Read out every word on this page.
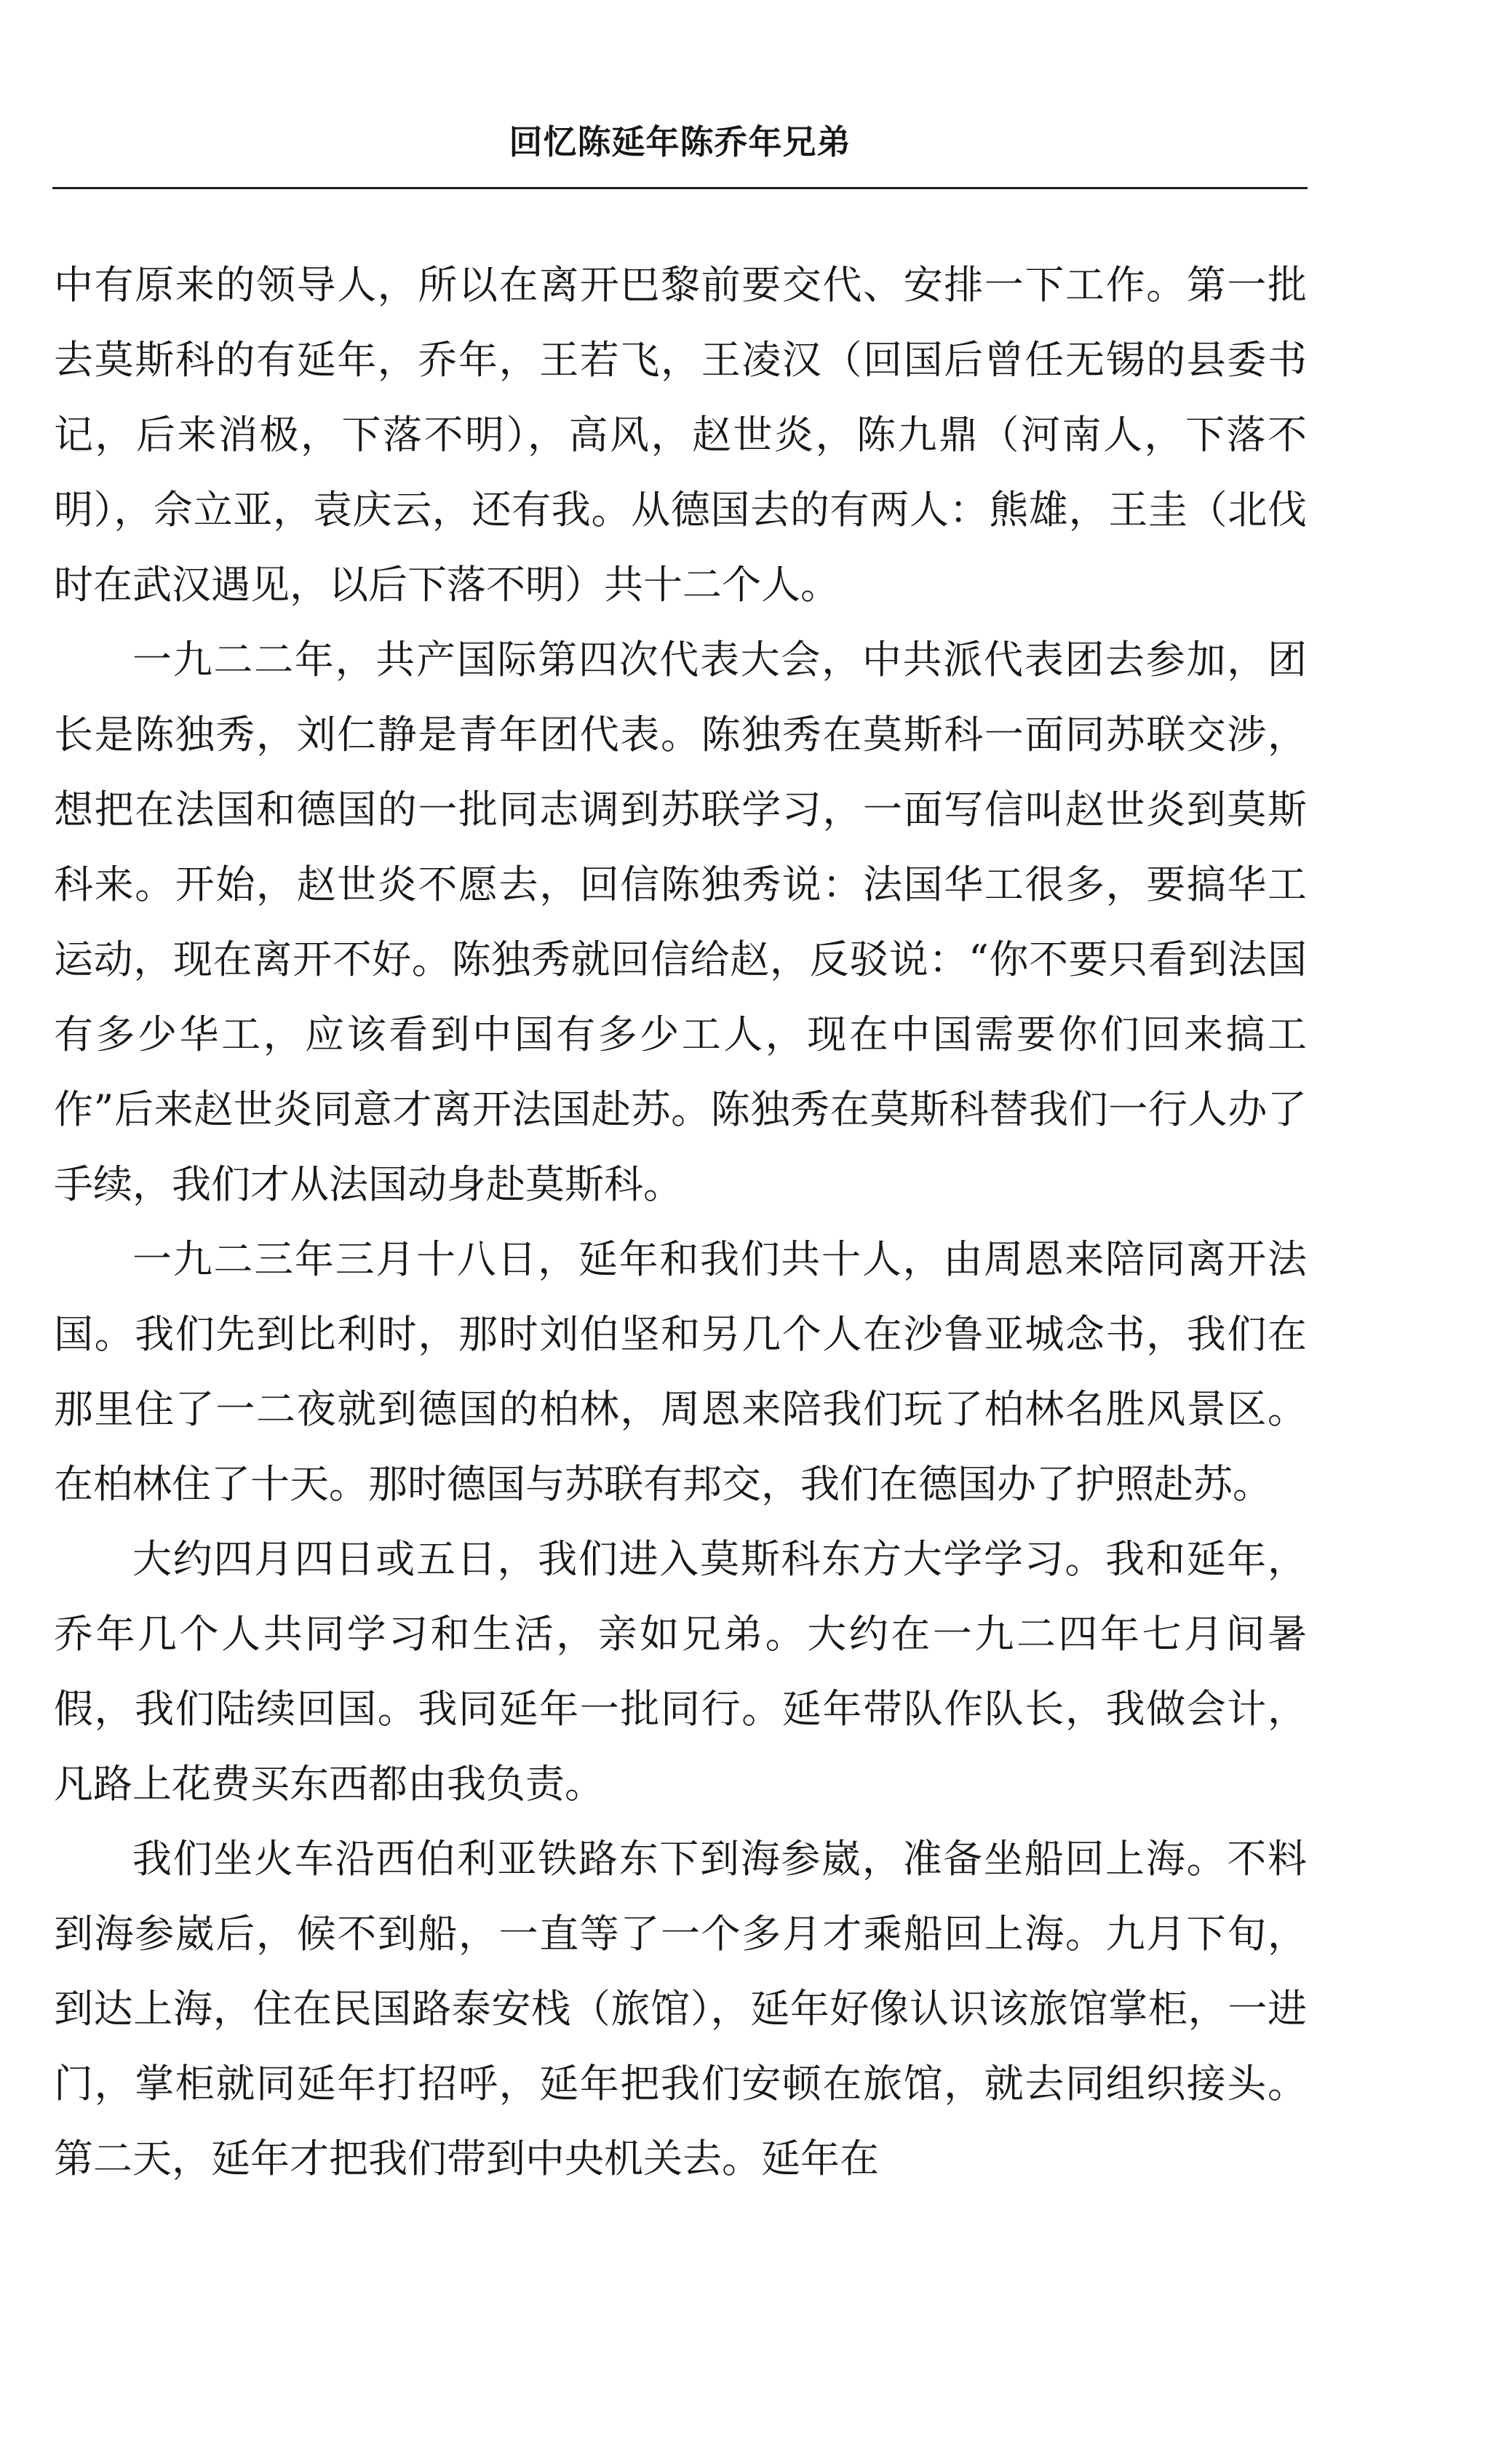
回忆陈延年陈乔年兄弟

中有原来的领导人，所以在离开巴黎前要交代、安排一下工作。第一批去莫斯科的有延年，乔年，王若飞，王凌汉（回国后曾任无锡的县委书记，后来消极，下落不明），高风，赵世炎，陈九鼎（河南人，下落不明），佘立亚，袁庆云，还有我。从德国去的有两人：熊雄，王圭（北伐时在武汉遇见，以后下落不明）共十二个人。

一九二二年，共产国际第四次代表大会，中共派代表团去参加，团长是陈独秀，刘仁静是青年团代表。陈独秀在莫斯科一面同苏联交涉，想把在法国和德国的一批同志调到苏联学习，一面写信叫赵世炎到莫斯科来。开始，赵世炎不愿去，回信陈独秀说：法国华工很多，要搞华工运动，现在离开不好。陈独秀就回信给赵，反驳说：“你不要只看到法国有多少华工，应该看到中国有多少工人，现在中国需要你们回来搞工作”后来赵世炎同意才离开法国赴苏。陈独秀在莫斯科替我们一行人办了手续，我们才从法国动身赴莫斯科。

一九二三年三月十八日，延年和我们共十人，由周恩来陪同离开法国。我们先到比利时，那时刘伯坚和另几个人在沙鲁亚城念书，我们在那里住了一二夜就到德国的柏林，周恩来陪我们玩了柏林名胜风景区。在柏林住了十天。那时德国与苏联有邦交，我们在德国办了护照赴苏。

大约四月四日或五日，我们进入莫斯科东方大学学习。我和延年，乔年几个人共同学习和生活，亲如兄弟。大约在一九二四年七月间暑假，我们陆续回国。我同延年一批同行。延年带队作队长，我做会计，凡路上花费买东西都由我负责。

我们坐火车沿西伯利亚铁路东下到海参崴，准备坐船回上海。不料到海参崴后，候不到船，一直等了一个多月才乘船回上海。九月下旬，到达上海，住在民国路泰安栈（旅馆），延年好像认识该旅馆掌柜，一进门，掌柜就同延年打招呼，延年把我们安顿在旅馆，就去同组织接头。第二天，延年才把我们带到中央机关去。延年在
